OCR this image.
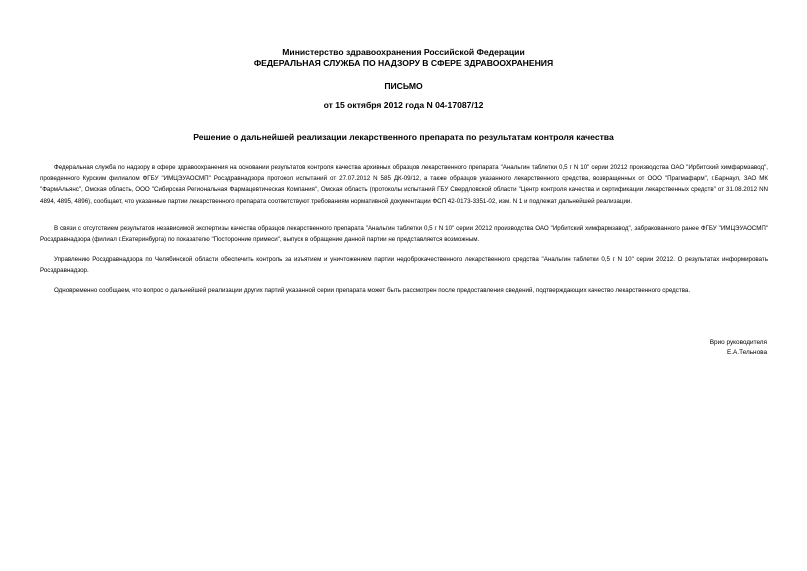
Министерство здравоохранения Российской Федерации
ФЕДЕРАЛЬНАЯ СЛУЖБА ПО НАДЗОРУ В СФЕРЕ ЗДРАВООХРАНЕНИЯ
ПИСЬМО
от 15 октября 2012 года N 04-17087/12
Решение о дальнейшей реализации лекарственного препарата по результатам контроля качества

Федеральная служба по надзору в сфере здравоохранения на основании результатов контроля качества архивных образцов лекарственного препарата "Анальгин таблетки 0,5 г N 10" серии 20212 производства ОАО "Ирбитский химфармзавод", проведенного Курским филиалом ФГБУ "ИМЦЭУАОСМП" Росздравнадзора протокол испытаний от 27.07.2012 N 585 ДК-09/12, а также образцов указанного лекарственного средства, возвращенных от ООО "Прагмафарм", г.Барнаул, ЗАО МК "ФармАльянс", Омская область, ООО "Сибирская Региональная Фармацевтическая Компания", Омская область (протоколы испытаний ГБУ Свердловской области "Центр контроля качества и сертификации лекарственных средств" от 31.08.2012 NN 4894, 4895, 4896), сообщает, что указанные партии лекарственного препарата соответствуют требованиям нормативной документации ФСП 42-0173-3351-02, изм. N 1 и подлежат дальнейшей реализации.

В связи с отсутствием результатов независимой экспертизы качества образцов лекарственного препарата "Анальгин таблетки 0,5 г N 10" серии 20212 производства ОАО "Ирбитский химфармзавод", забракованного ранее ФГБУ "ИМЦЭУАОСМП" Росздравнадзора (филиал г.Екатеринбурга) по показателю "Посторонние примеси", выпуск в обращение данной партии не представляется возможным.

Управлению Росздравнадзора по Челябинской области обеспечить контроль за изъятием и уничтожением партии недоброкачественного лекарственного средства "Анальгин таблетки 0,5 г N 10" серии 20212. О результатах информировать Росздравнадзор.

Одновременно сообщаем, что вопрос о дальнейшей реализации других партий указанной серии препарата может быть рассмотрен после предоставления сведений, подтверждающих качество лекарственного средства.

Врио руководителя
Е.А.Тельнова
